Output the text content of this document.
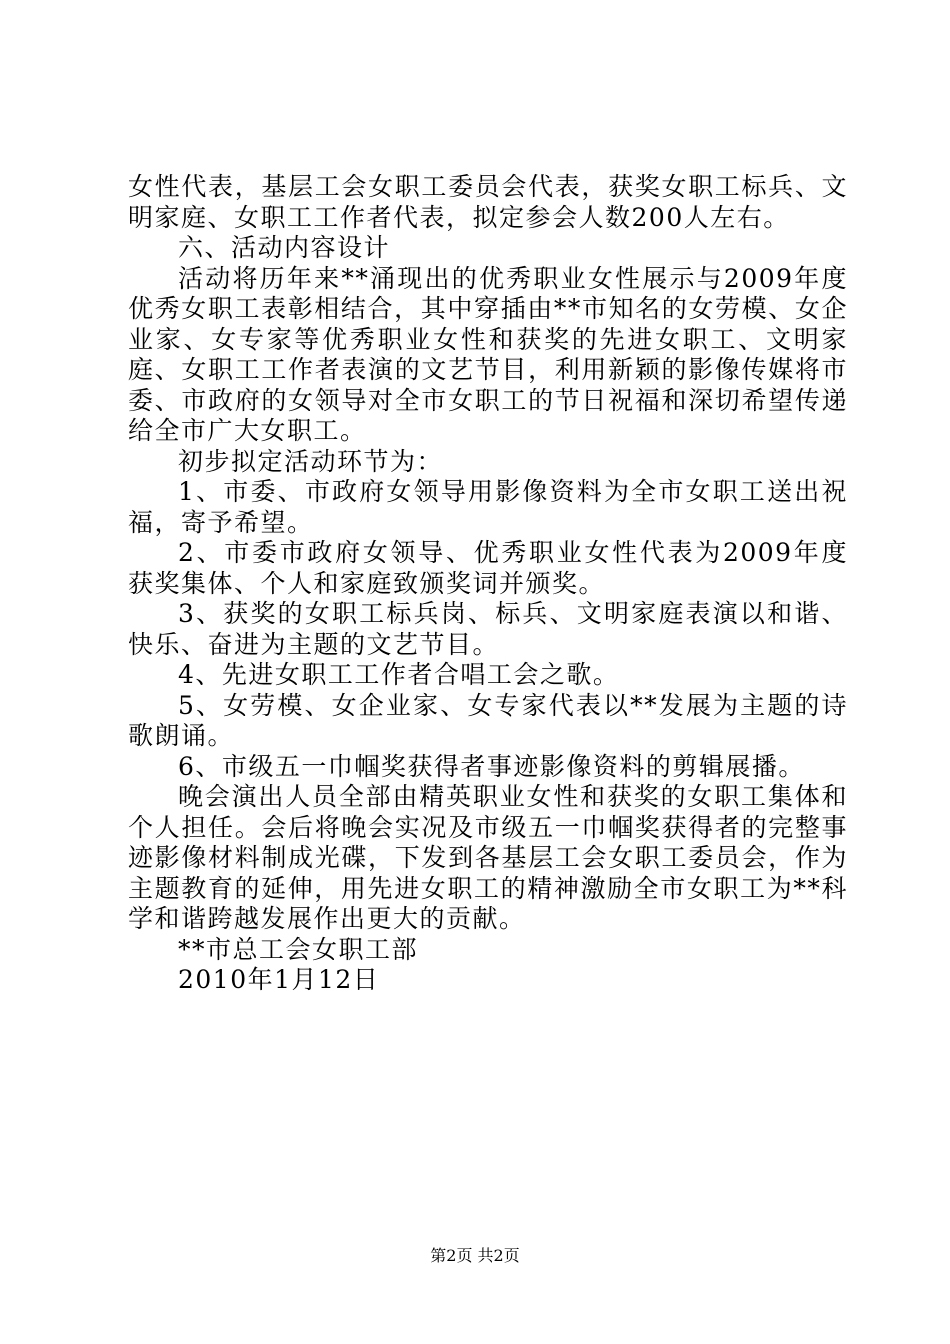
女性代表，基层工会女职工委员会代表，获奖女职工标兵、文明家庭、女职工工作者代表，拟定参会人数200人左右。

六、活动内容设计

活动将历年来**涌现出的优秀职业女性展示与2009年度优秀女职工表彰相结合，其中穿插由**市知名的女劳模、女企业家、女专家等优秀职业女性和获奖的先进女职工、文明家庭、女职工工作者表演的文艺节目，利用新颖的影像传媒将市委、市政府的女领导对全市女职工的节日祝福和深切希望传递给全市广大女职工。

初步拟定活动环节为：

1、市委、市政府女领导用影像资料为全市女职工送出祝福，寄予希望。

2、市委市政府女领导、优秀职业女性代表为2009年度获奖集体、个人和家庭致颁奖词并颁奖。

3、获奖的女职工标兵岗、标兵、文明家庭表演以和谐、快乐、奋进为主题的文艺节目。

4、先进女职工工作者合唱工会之歌。

5、女劳模、女企业家、女专家代表以**发展为主题的诗歌朗诵。

6、市级五一巾帼奖获得者事迹影像资料的剪辑展播。

晚会演出人员全部由精英职业女性和获奖的女职工集体和个人担任。会后将晚会实况及市级五一巾帼奖获得者的完整事迹影像材料制成光碟，下发到各基层工会女职工委员会，作为主题教育的延伸，用先进女职工的精神激励全市女职工为**科学和谐跨越发展作出更大的贡献。

**市总工会女职工部

2010年1月12日

第2页 共2页
